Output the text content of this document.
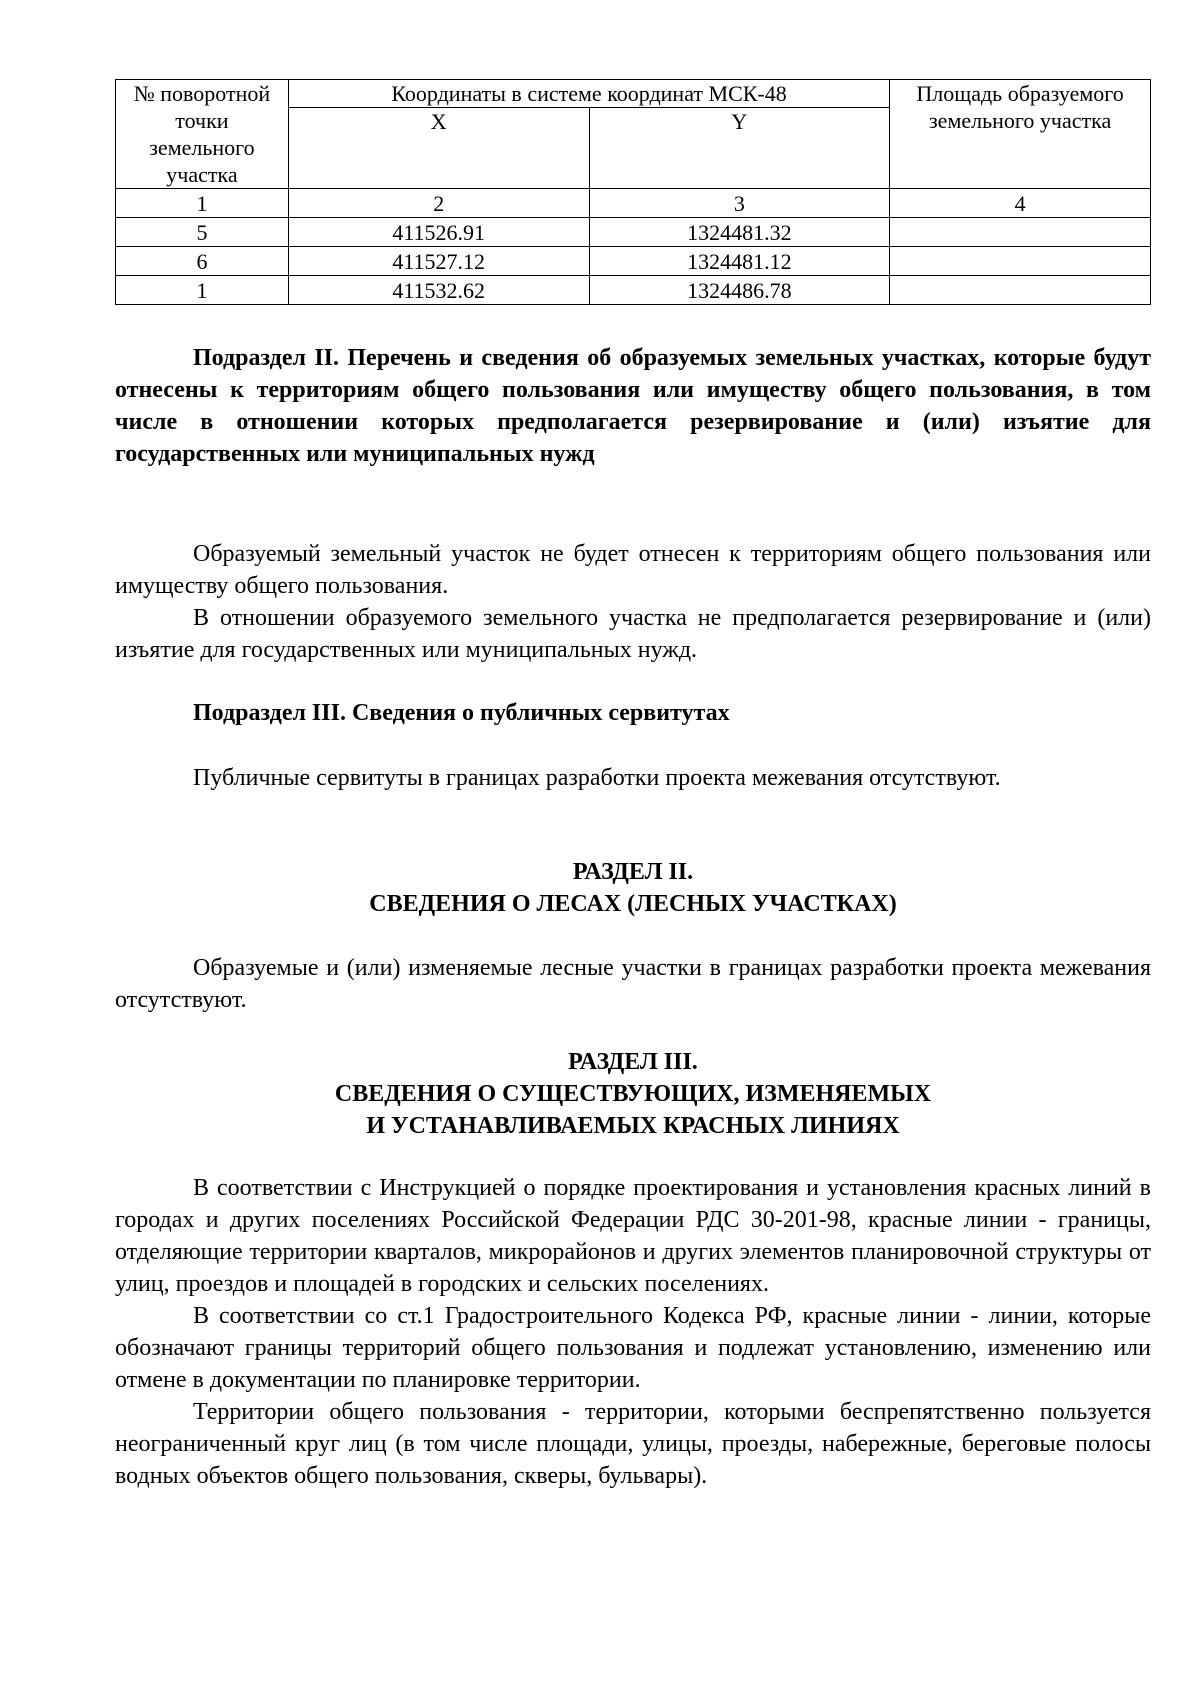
№ поворотной точки земельного участка	Координаты в системе координат МСК-48		Площадь образуемого земельного участка
	X	Y	
1	2	3	4
5	411526.91	1324481.32	
6	411527.12	1324481.12	
1	411532.62	1324486.78	

Подраздел II. Перечень и сведения об образуемых земельных участках, которые будут отнесены к территориям общего пользования или имуществу общего пользования, в том числе в отношении которых предполагается резервирование и (или) изъятие для государственных или муниципальных нужд

Образуемый земельный участок не будет отнесен к территориям общего пользования или имуществу общего пользования.

В отношении образуемого земельного участка не предполагается резервирование и (или) изъятие для государственных или муниципальных нужд.

Подраздел III. Сведения о публичных сервитутах

Публичные сервитуты в границах разработки проекта межевания отсутствуют.

РАЗДЕЛ II.

СВЕДЕНИЯ О ЛЕСАХ (ЛЕСНЫХ УЧАСТКАХ)

Образуемые и (или) изменяемые лесные участки в границах разработки проекта межевания отсутствуют.

РАЗДЕЛ III.

СВЕДЕНИЯ О СУЩЕСТВУЮЩИХ, ИЗМЕНЯЕМЫХ

И УСТАНАВЛИВАЕМЫХ КРАСНЫХ ЛИНИЯХ

В соответствии с Инструкцией о порядке проектирования и установления красных линий в городах и других поселениях Российской Федерации РДС 30-201-98, красные линии - границы, отделяющие территории кварталов, микрорайонов и других элементов планировочной структуры от улиц, проездов и площадей в городских и сельских поселениях.

В соответствии со ст.1 Градостроительного Кодекса РФ, красные линии - линии, которые обозначают границы территорий общего пользования и подлежат установлению, изменению или отмене в документации по планировке территории.

Территории общего пользования - территории, которыми беспрепятственно пользуется неограниченный круг лиц (в том числе площади, улицы, проезды, набережные, береговые полосы водных объектов общего пользования, скверы, бульвары).
